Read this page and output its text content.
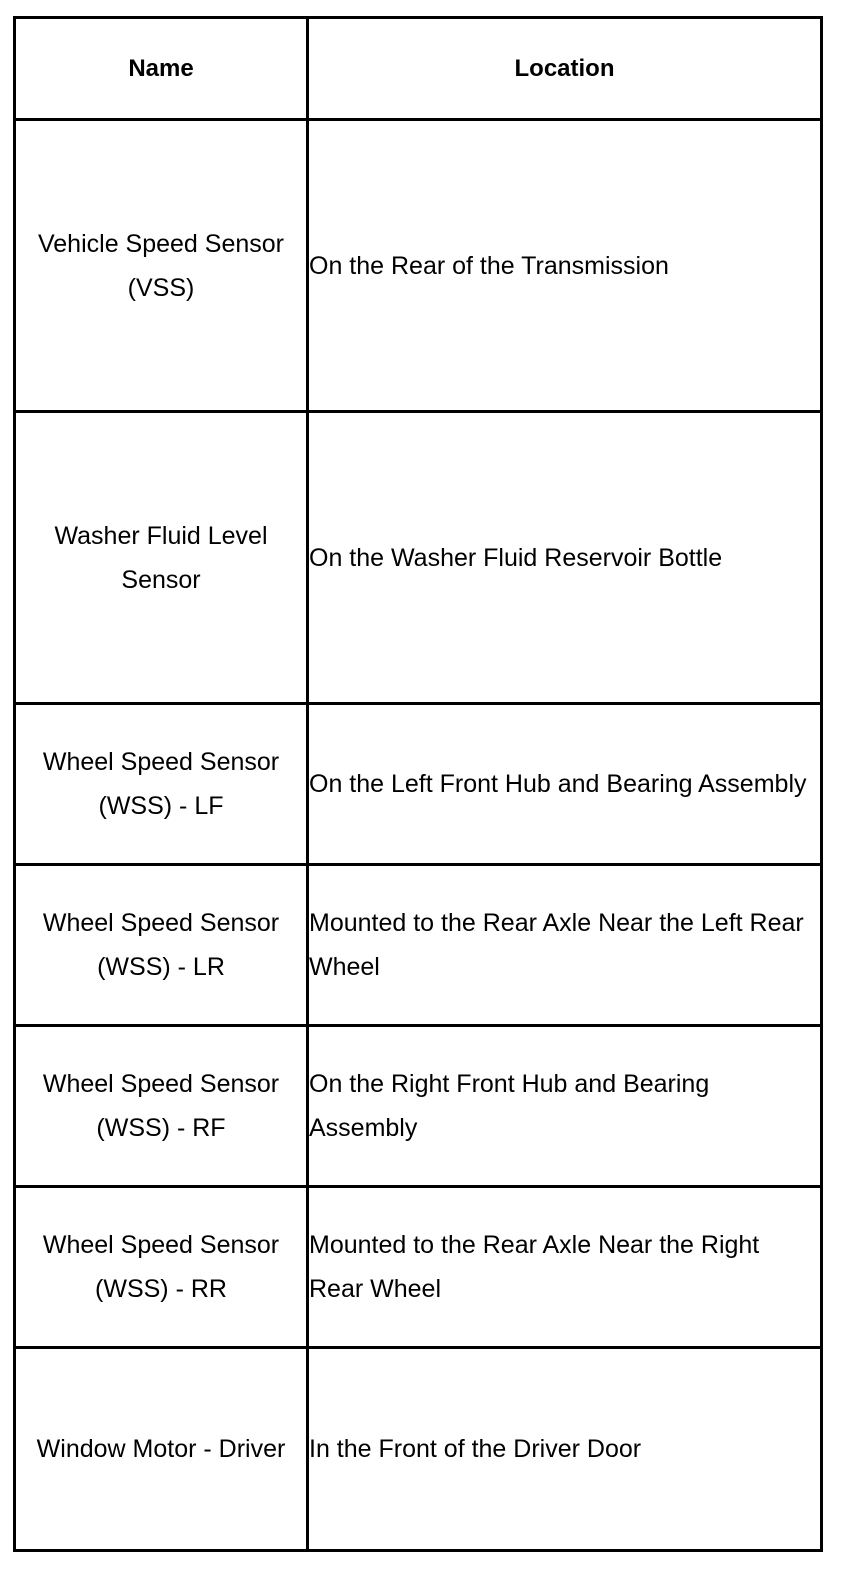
Name	Location
Vehicle Speed Sensor (VSS)	On the Rear of the Transmission
Washer Fluid Level Sensor	On the Washer Fluid Reservoir Bottle
Wheel Speed Sensor (WSS) - LF	On the Left Front Hub and Bearing Assembly
Wheel Speed Sensor (WSS) - LR	Mounted to the Rear Axle Near the Left Rear Wheel
Wheel Speed Sensor (WSS) - RF	On the Right Front Hub and Bearing Assembly
Wheel Speed Sensor (WSS) - RR	Mounted to the Rear Axle Near the Right Rear Wheel
Window Motor - Driver	In the Front of the Driver Door
